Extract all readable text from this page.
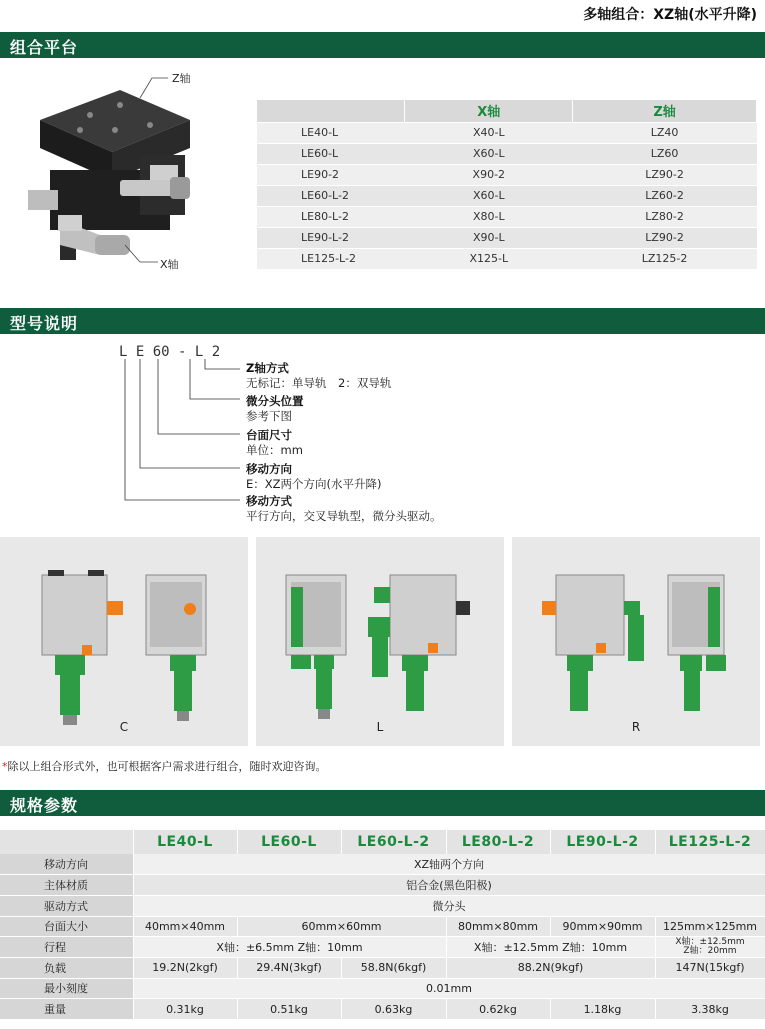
多轴组合：XZ轴(水平升降)
组合平台
Z轴
X轴
	X轴	Z轴
LE40-L	X40-L	LZ40
LE60-L	X60-L	LZ60
LE90-2	X90-2	LZ90-2
LE60-L-2	X60-L	LZ60-2
LE80-L-2	X80-L	LZ80-2
LE90-L-2	X90-L	LZ90-2
LE125-L-2	X125-L	LZ125-2
型号说明
L E 60 - L 2
Z轴方式
无标记：单导轨　2：双导轨
微分头位置
参考下图
台面尺寸
单位：mm
移动方向
E：XZ两个方向(水平升降)
移动方式
平行方向，交叉导轨型，微分头驱动。
C	L	R
*除以上组合形式外，也可根据客户需求进行组合，随时欢迎咨询。
规格参数
	LE40-L	LE60-L	LE60-L-2	LE80-L-2	LE90-L-2	LE125-L-2
移动方向	XZ轴两个方向					
主体材质	铝合金(黑色阳极)					
驱动方式	微分头					
台面大小	40mm×40mm	60mm×60mm		80mm×80mm	90mm×90mm	125mm×125mm
行程	X轴：±6.5mm Z轴：10mm			X轴：±12.5mm Z轴：10mm		X轴：±12.5mm
Z轴：20mm

负载	19.2N(2kgf)	29.4N(3kgf)	58.8N(6kgf)	88.2N(9kgf)		147N(15kgf)
最小刻度	0.01mm					
重量	0.31kg	0.51kg	0.63kg	0.62kg	1.18kg	3.38kg
